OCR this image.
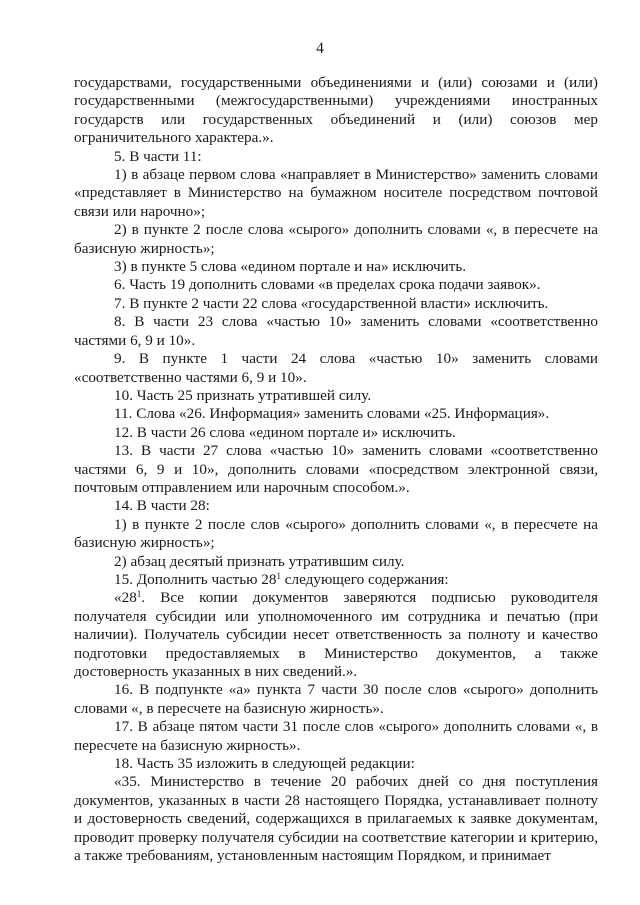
4

государствами, государственными объединениями и (или) союзами и (или) государственными (межгосударственными) учреждениями иностранных государств или государственных объединений и (или) союзов мер ограничительного характера.».

5. В части 11:

1) в абзаце первом слова «направляет в Министерство» заменить словами «представляет в Министерство на бумажном носителе посредством почтовой связи или нарочно»;

2) в пункте 2 после слова «сырого» дополнить словами «, в пересчете на базисную жирность»;

3) в пункте 5 слова «едином портале и на» исключить.

6. Часть 19 дополнить словами «в пределах срока подачи заявок».

7. В пункте 2 части 22 слова «государственной власти» исключить.

8. В части 23 слова «частью 10» заменить словами «соответственно частями 6, 9 и 10».

9. В пункте 1 части 24 слова «частью 10» заменить словами «соответственно частями 6, 9 и 10».

10. Часть 25 признать утратившей силу.

11. Слова «26. Информация» заменить словами «25. Информация».

12. В части 26 слова «едином портале и» исключить.

13. В части 27 слова «частью 10» заменить словами «соответственно частями 6, 9 и 10», дополнить словами «посредством электронной связи, почтовым отправлением или нарочным способом.».

14. В части 28:

1) в пункте 2 после слов «сырого» дополнить словами «, в пересчете на базисную жирность»;

2) абзац десятый признать утратившим силу.

15. Дополнить частью $28^1$ следующего содержания:

«$28^1$. Все копии документов заверяются подписью руководителя получателя субсидии или уполномоченного им сотрудника и печатью (при наличии). Получатель субсидии несет ответственность за полноту и качество подготовки предоставляемых в Министерство документов, а также достоверность указанных в них сведений.».

16. В подпункте «а» пункта 7 части 30 после слов «сырого» дополнить словами «, в пересчете на базисную жирность».

17. В абзаце пятом части 31 после слов «сырого» дополнить словами «, в пересчете на базисную жирность».

18. Часть 35 изложить в следующей редакции:

«35. Министерство в течение 20 рабочих дней со дня поступления документов, указанных в части 28 настоящего Порядка, устанавливает полноту и достоверность сведений, содержащихся в прилагаемых к заявке документам, проводит проверку получателя субсидии на соответствие категории и критерию, а также требованиям, установленным настоящим Порядком, и принимает
